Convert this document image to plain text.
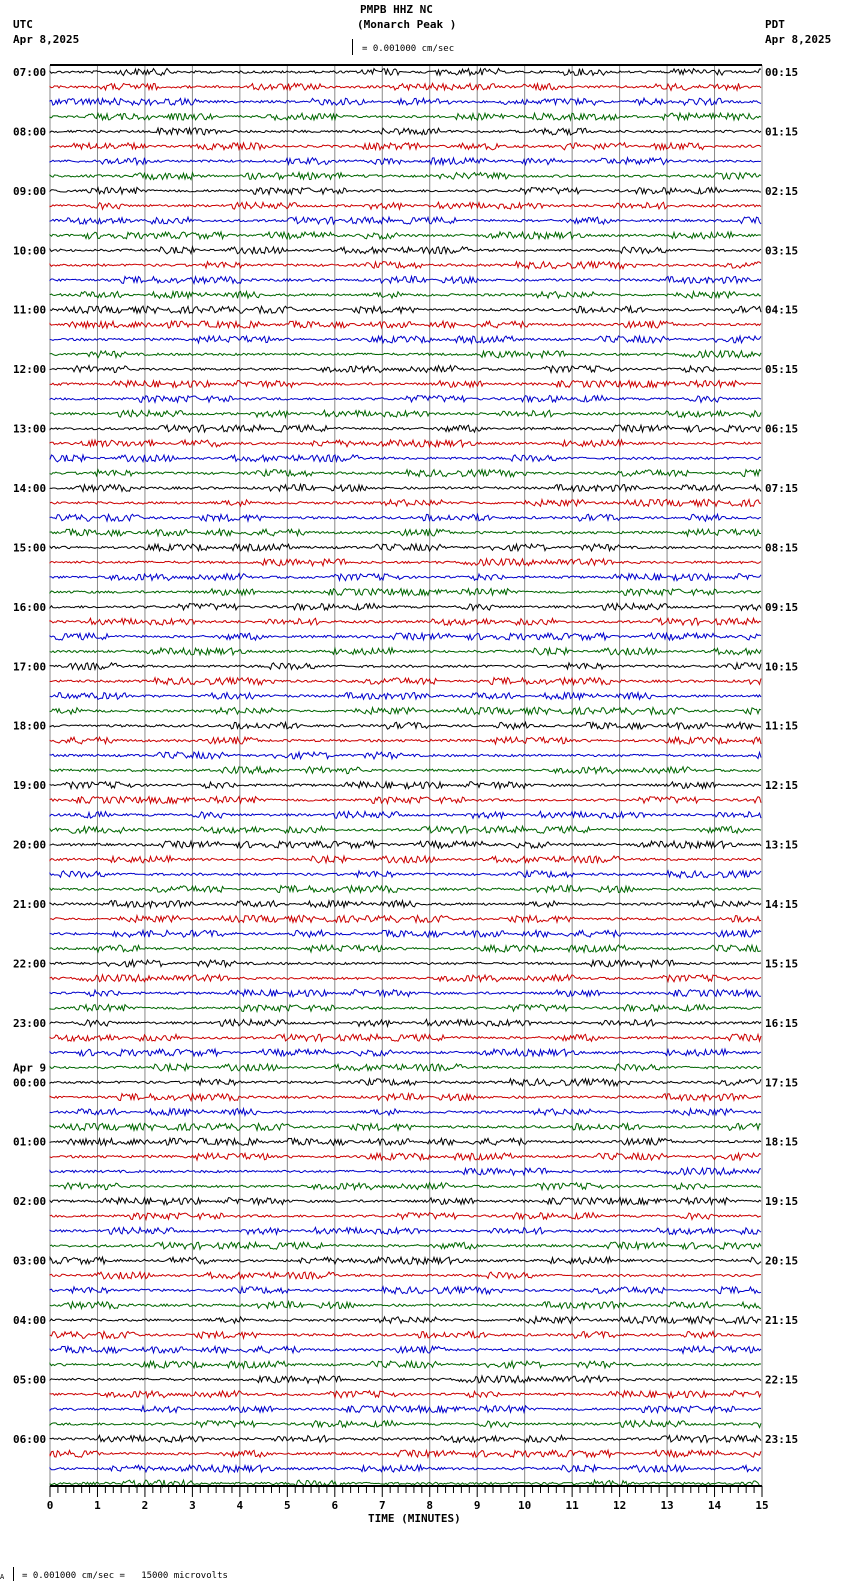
PMPB HHZ NC
(Monarch Peak )
UTC
Apr 8,2025
PDT
Apr 8,2025
= 0.001000 cm/sec
07:00
08:00
09:00
10:00
11:00
12:00
13:00
14:00
15:00
16:00
17:00
18:00
19:00
20:00
21:00
22:00
23:00
00:00
01:00
02:00
03:00
04:00
05:00
06:00
00:15
01:15
02:15
03:15
04:15
05:15
06:15
07:15
08:15
09:15
10:15
11:15
12:15
13:15
14:15
15:15
16:15
17:15
18:15
19:15
20:15
21:15
22:15
23:15
Apr 9
0	1	2	3	4	5	6	7	8	9	10	11	12	13	14	15
TIME (MINUTES)
A = 0.001000 cm/sec =   15000 microvolts
